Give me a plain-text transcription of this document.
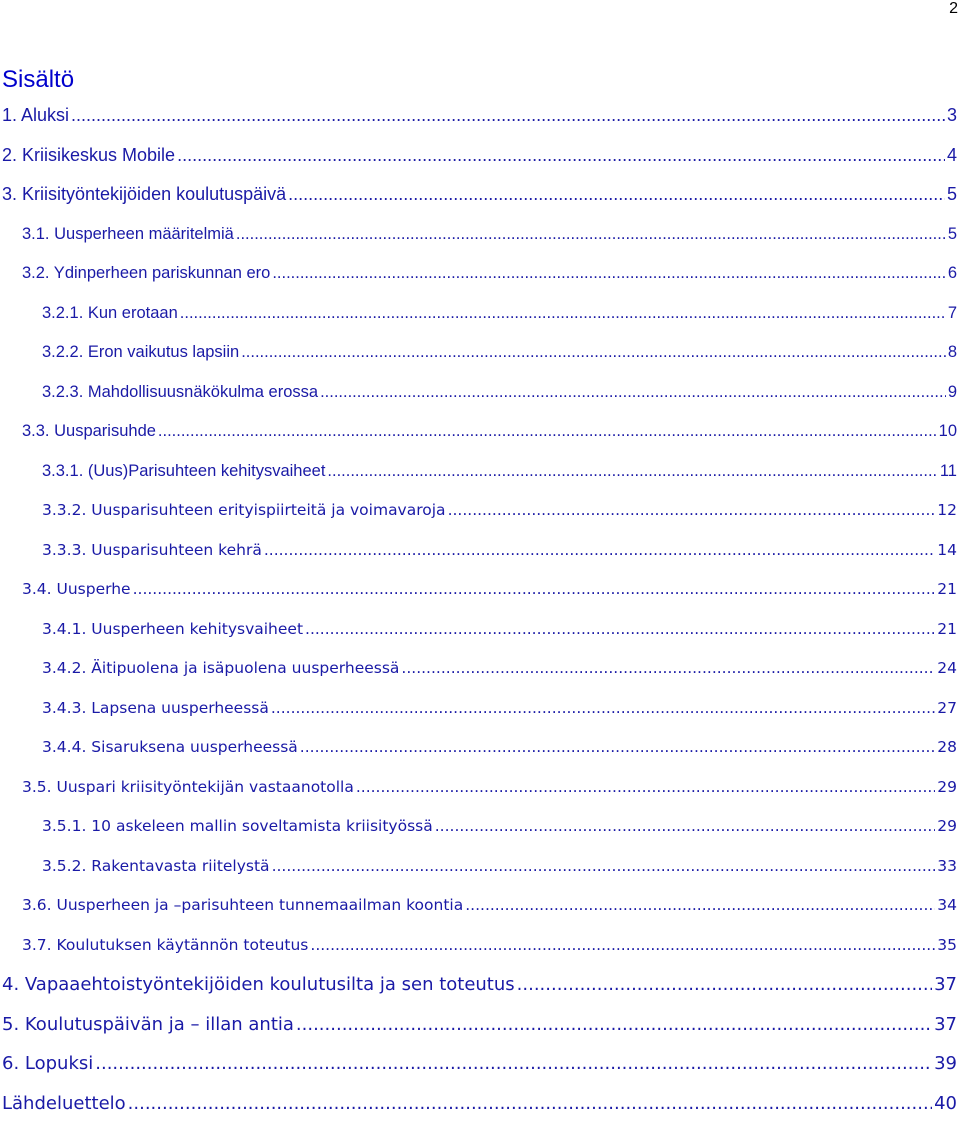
2
Sisältö
1. Aluksi .....	3
2. Kriisikeskus Mobile .....	4
3. Kriisityöntekijöiden koulutuspäivä .....	5
3.1. Uusperheen määritelmiä .....	5
3.2. Ydinperheen pariskunnan ero .....	6
3.2.1. Kun erotaan .....	7
3.2.2. Eron vaikutus lapsiin .....	8
3.2.3. Mahdollisuusnäkökulma erossa .....	9
3.3. Uusparisuhde .....	10
3.3.1. (Uus)Parisuhteen kehitysvaiheet .....	11
3.3.2. Uusparisuhteen erityispiirteitä ja voimavaroja .....	12
3.3.3. Uusparisuhteen kehrä .....	14
3.4. Uusperhe .....	21
3.4.1. Uusperheen kehitysvaiheet .....	21
3.4.2. Äitipuolena ja isäpuolena uusperheessä .....	24
3.4.3. Lapsena uusperheessä .....	27
3.4.4. Sisaruksena uusperheessä .....	28
3.5. Uuspari kriisityöntekijän vastaanotolla .....	29
3.5.1. 10 askeleen mallin soveltamista kriisityössä .....	29
3.5.2. Rakentavasta riitelystä .....	33
3.6. Uusperheen ja –parisuhteen tunnemaailman koontia .....	34
3.7. Koulutuksen käytännön toteutus .....	35
4. Vapaaehtoistyöntekijöiden koulutusilta ja sen toteutus .....	37
5. Koulutuspäivän ja – illan antia .....	37
6. Lopuksi .....	39
Lähdeluettelo .....	40
